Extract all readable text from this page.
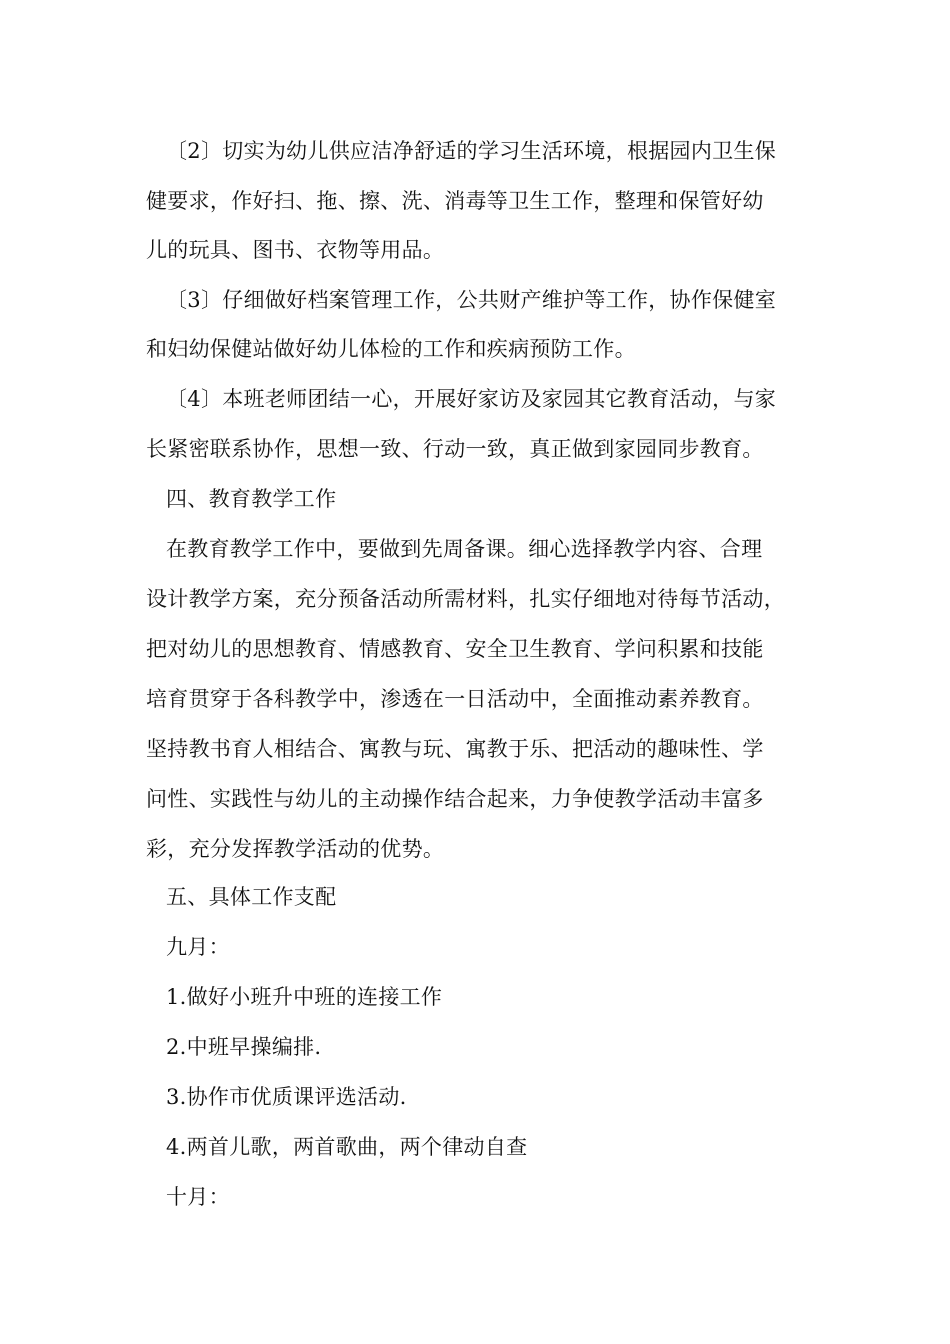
〔2〕切实为幼儿供应洁净舒适的学习生活环境，根据园内卫生保
健要求，作好扫、拖、擦、洗、消毒等卫生工作，整理和保管好幼
儿的玩具、图书、衣物等用品。
〔3〕仔细做好档案管理工作，公共财产维护等工作，协作保健室
和妇幼保健站做好幼儿体检的工作和疾病预防工作。
〔4〕本班老师团结一心，开展好家访及家园其它教育活动，与家
长紧密联系协作，思想一致、行动一致，真正做到家园同步教育。
四、教育教学工作
在教育教学工作中，要做到先周备课。细心选择教学内容、合理
设计教学方案，充分预备活动所需材料，扎实仔细地对待每节活动，
把对幼儿的思想教育、情感教育、安全卫生教育、学问积累和技能
培育贯穿于各科教学中，渗透在一日活动中，全面推动素养教育。
坚持教书育人相结合、寓教与玩、寓教于乐、把活动的趣味性、学
问性、实践性与幼儿的主动操作结合起来，力争使教学活动丰富多
彩，充分发挥教学活动的优势。
五、具体工作支配
九月：
1.做好小班升中班的连接工作
2.中班早操编排.
3.协作市优质课评选活动.
4.两首儿歌，两首歌曲，两个律动自查
十月：
